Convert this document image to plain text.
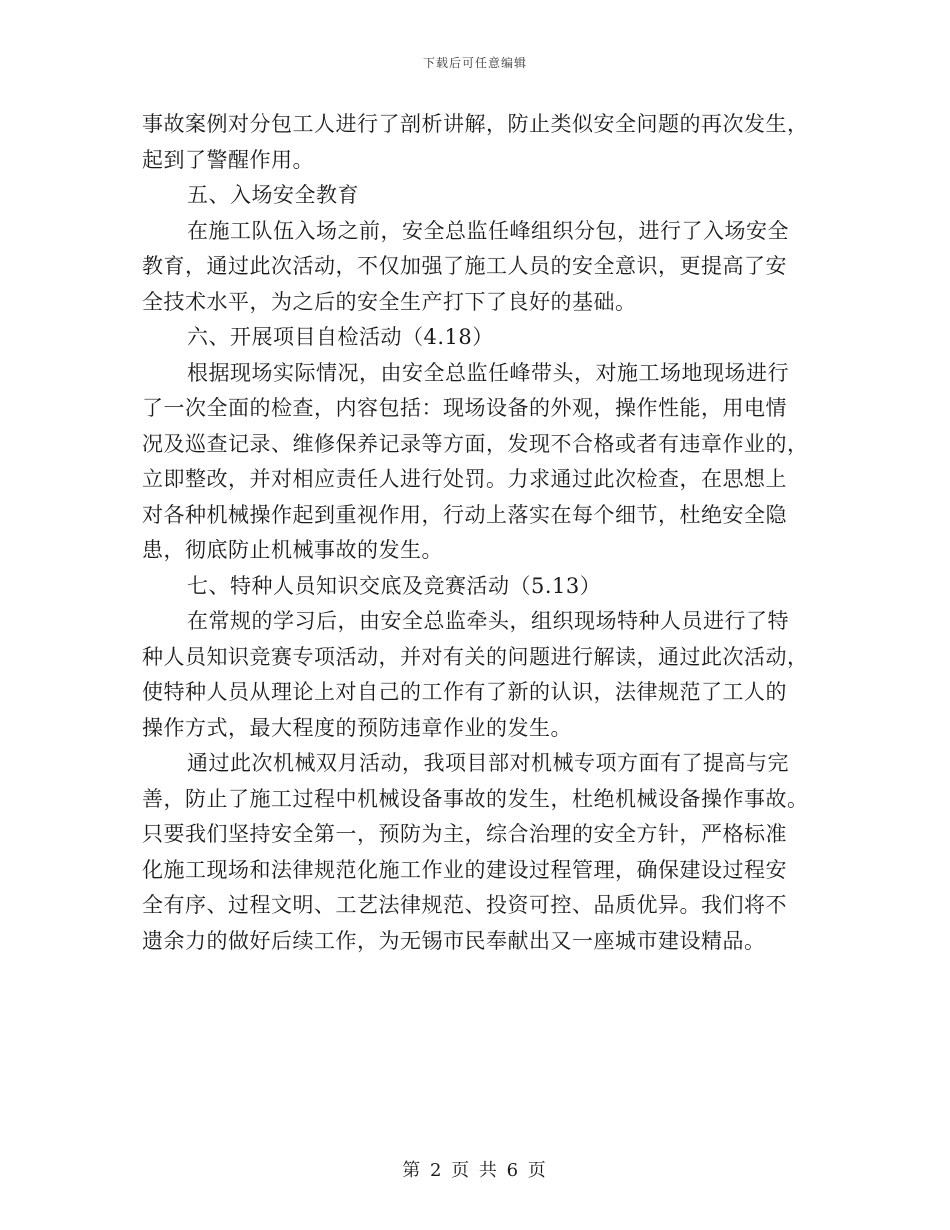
下载后可任意编辑
事故案例对分包工人进行了剖析讲解，防止类似安全问题的再次发生，
起到了警醒作用。
五、入场安全教育
在施工队伍入场之前，安全总监任峰组织分包，进行了入场安全
教育，通过此次活动，不仅加强了施工人员的安全意识，更提高了安
全技术水平，为之后的安全生产打下了良好的基础。
六、开展项目自检活动（4.18）
根据现场实际情况，由安全总监任峰带头，对施工场地现场进行
了一次全面的检查，内容包括：现场设备的外观，操作性能，用电情
况及巡查记录、维修保养记录等方面，发现不合格或者有违章作业的，
立即整改，并对相应责任人进行处罚。力求通过此次检查，在思想上
对各种机械操作起到重视作用，行动上落实在每个细节，杜绝安全隐
患，彻底防止机械事故的发生。
七、特种人员知识交底及竞赛活动（5.13）
在常规的学习后，由安全总监牵头，组织现场特种人员进行了特
种人员知识竞赛专项活动，并对有关的问题进行解读，通过此次活动，
使特种人员从理论上对自己的工作有了新的认识，法律规范了工人的
操作方式，最大程度的预防违章作业的发生。
通过此次机械双月活动，我项目部对机械专项方面有了提高与完
善，防止了施工过程中机械设备事故的发生，杜绝机械设备操作事故。
只要我们坚持安全第一，预防为主，综合治理的安全方针，严格标准
化施工现场和法律规范化施工作业的建设过程管理，确保建设过程安
全有序、过程文明、工艺法律规范、投资可控、品质优异。我们将不
遗余力的做好后续工作，为无锡市民奉献出又一座城市建设精品。
第 2 页 共 6 页
